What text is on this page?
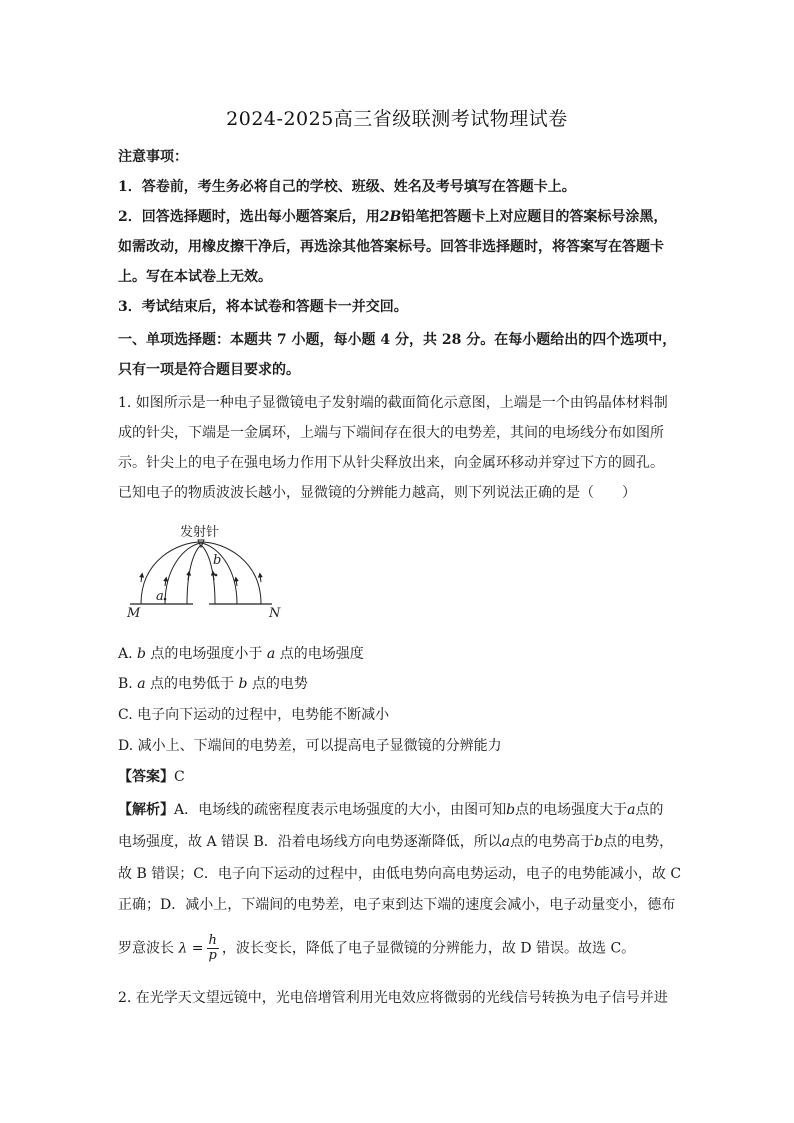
2024-2025高三省级联测考试物理试卷
注意事项：
1．答卷前，考生务必将自己的学校、班级、姓名及考号填写在答题卡上。
2．回答选择题时，选出每小题答案后，用2B铅笔把答题卡上对应题目的答案标号涂黑，
如需改动，用橡皮擦干净后，再选涂其他答案标号。回答非选择题时，将答案写在答题卡
上。写在本试卷上无效。
3．考试结束后，将本试卷和答题卡一并交回。
一、单项选择题：本题共 7 小题，每小题 4 分，共 28 分。在每小题给出的四个选项中，
只有一项是符合题目要求的。
1. 如图所示是一种电子显微镜电子发射端的截面简化示意图，上端是一个由钨晶体材料制
成的针尖，下端是一金属环，上端与下端间存在很大的电势差，其间的电场线分布如图所
示。针尖上的电子在强电场力作用下从针尖释放出来，向金属环移动并穿过下方的圆孔。
已知电子的物质波波长越小，显微镜的分辨能力越高，则下列说法正确的是（　　）
发射针
a
b
M	N
A. b 点的电场强度小于 a 点的电场强度
B. a 点的电势低于 b 点的电势
C. 电子向下运动的过程中，电势能不断减小
D. 减小上、下端间的电势差，可以提高电子显微镜的分辨能力
【答案】C
【解析】A．电场线的疏密程度表示电场强度的大小，由图可知b点的电场强度大于a点的
电场强度，故 A 错误 B．沿着电场线方向电势逐渐降低，所以a点的电势高于b点的电势，
故 B 错误；C．电子向下运动的过程中，由低电势向高电势运动，电子的电势能减小，故 C
正确；D．减小上，下端间的电势差，电子束到达下端的速度会减小，电子动量变小，德布
罗意波长 $\lambda = \frac{h}{p}$ ，波长变长，降低了电子显微镜的分辨能力，故 D 错误。故选 C。
2. 在光学天文望远镜中，光电倍增管利用光电效应将微弱的光线信号转换为电子信号并进
